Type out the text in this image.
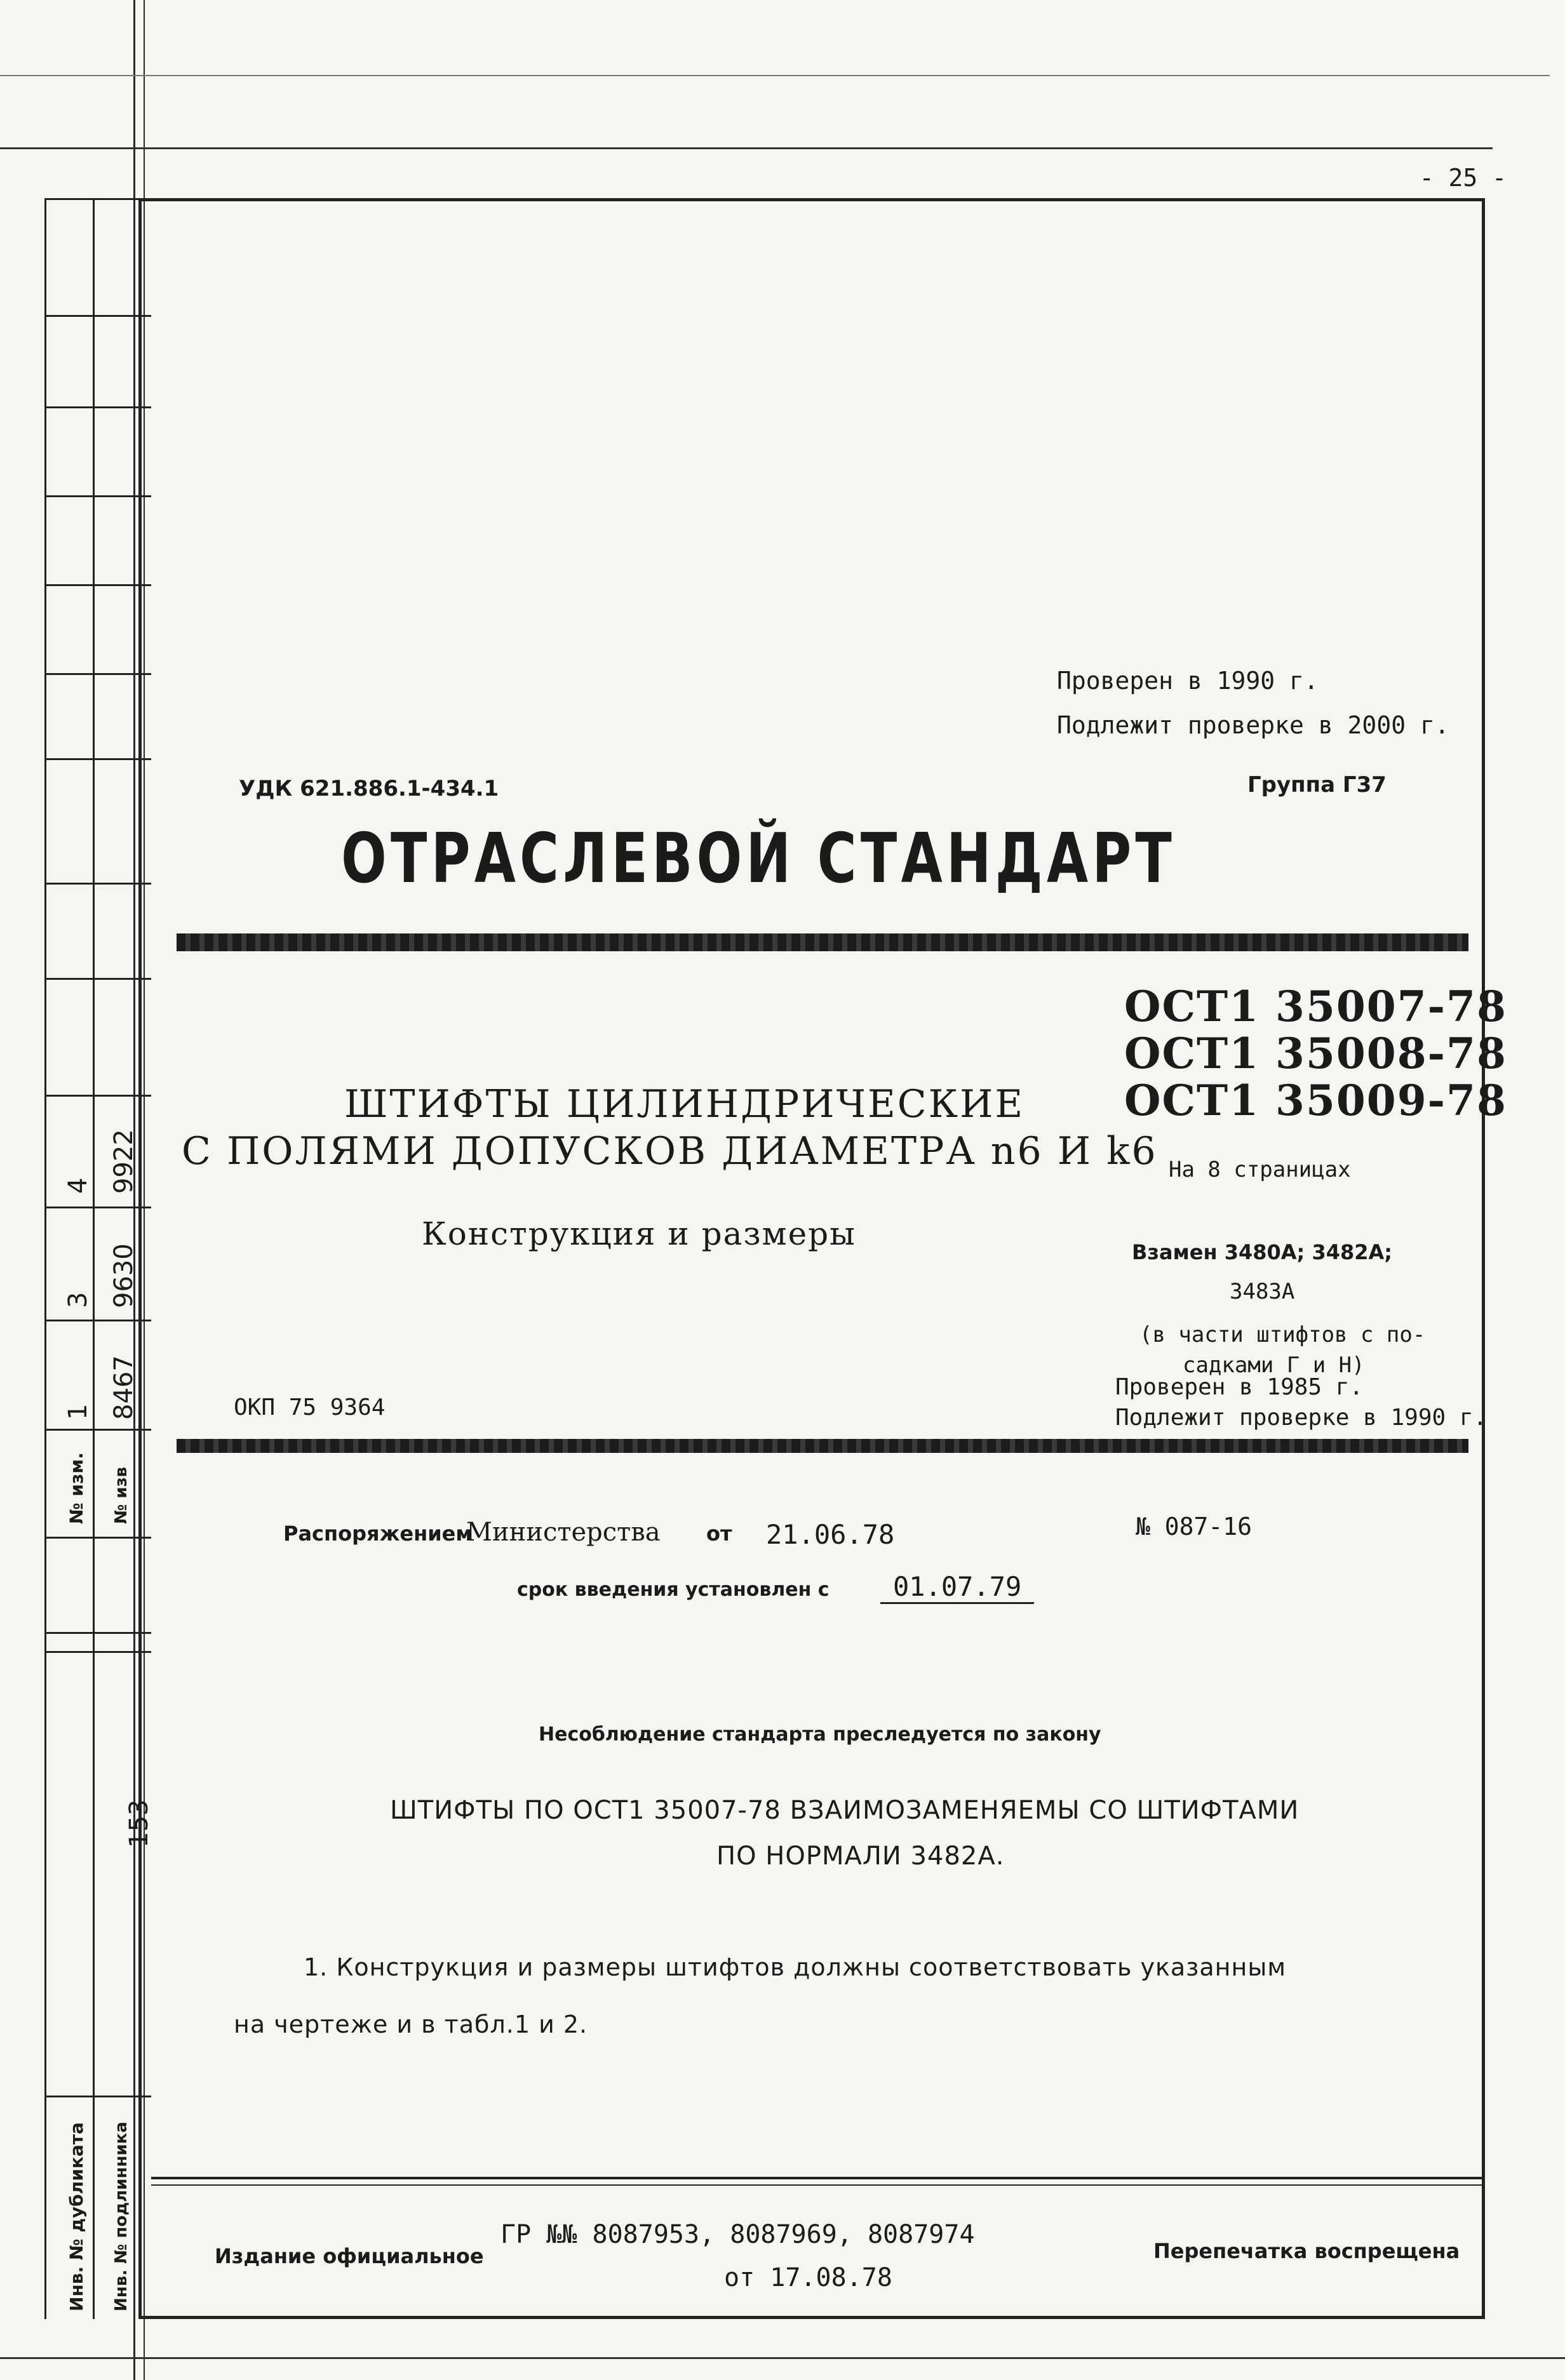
- 25 -
4 9922
3 9630
1 8467
№ изм. № изв
153
Инв. № дубликата Инв. № подлинника
Проверен в 1990 г.
Подлежит проверке в 2000 г.
УДК 621.886.1-434.1	Группа Г37
ОТРАСЛЕВОЙ СТАНДАРТ
ОСТ1 35007-78
ОСТ1 35008-78
ОСТ1 35009-78
На 8 страницах
ШТИФТЫ ЦИЛИНДРИЧЕСКИЕ
С ПОЛЯМИ ДОПУСКОВ ДИАМЕТРА n6 И k6
Конструкция и размеры	Взамен 3480А; 3482А;
3483А
(в части штифтов с по-
садками Г и Н)
Проверен в 1985 г.
Подлежит проверке в 1990 г.
ОКП 75 9364
Распоряжением
Министерства от 21.06.78	№ 087-16
срок введения установлен с	01.07.79
Несоблюдение стандарта преследуется по закону
ШТИФТЫ ПО ОСТ1 35007-78 ВЗАИМОЗАМЕНЯЕМЫ СО ШТИФТАМИ
ПО НОРМАЛИ 3482А.
1. Конструкция и размеры штифтов должны соответствовать указанным
на чертеже и в табл.1 и 2.
Издание официальное
ГР №№ 8087953, 8087969, 8087974
от 17.08.78
Перепечатка воспрещена
